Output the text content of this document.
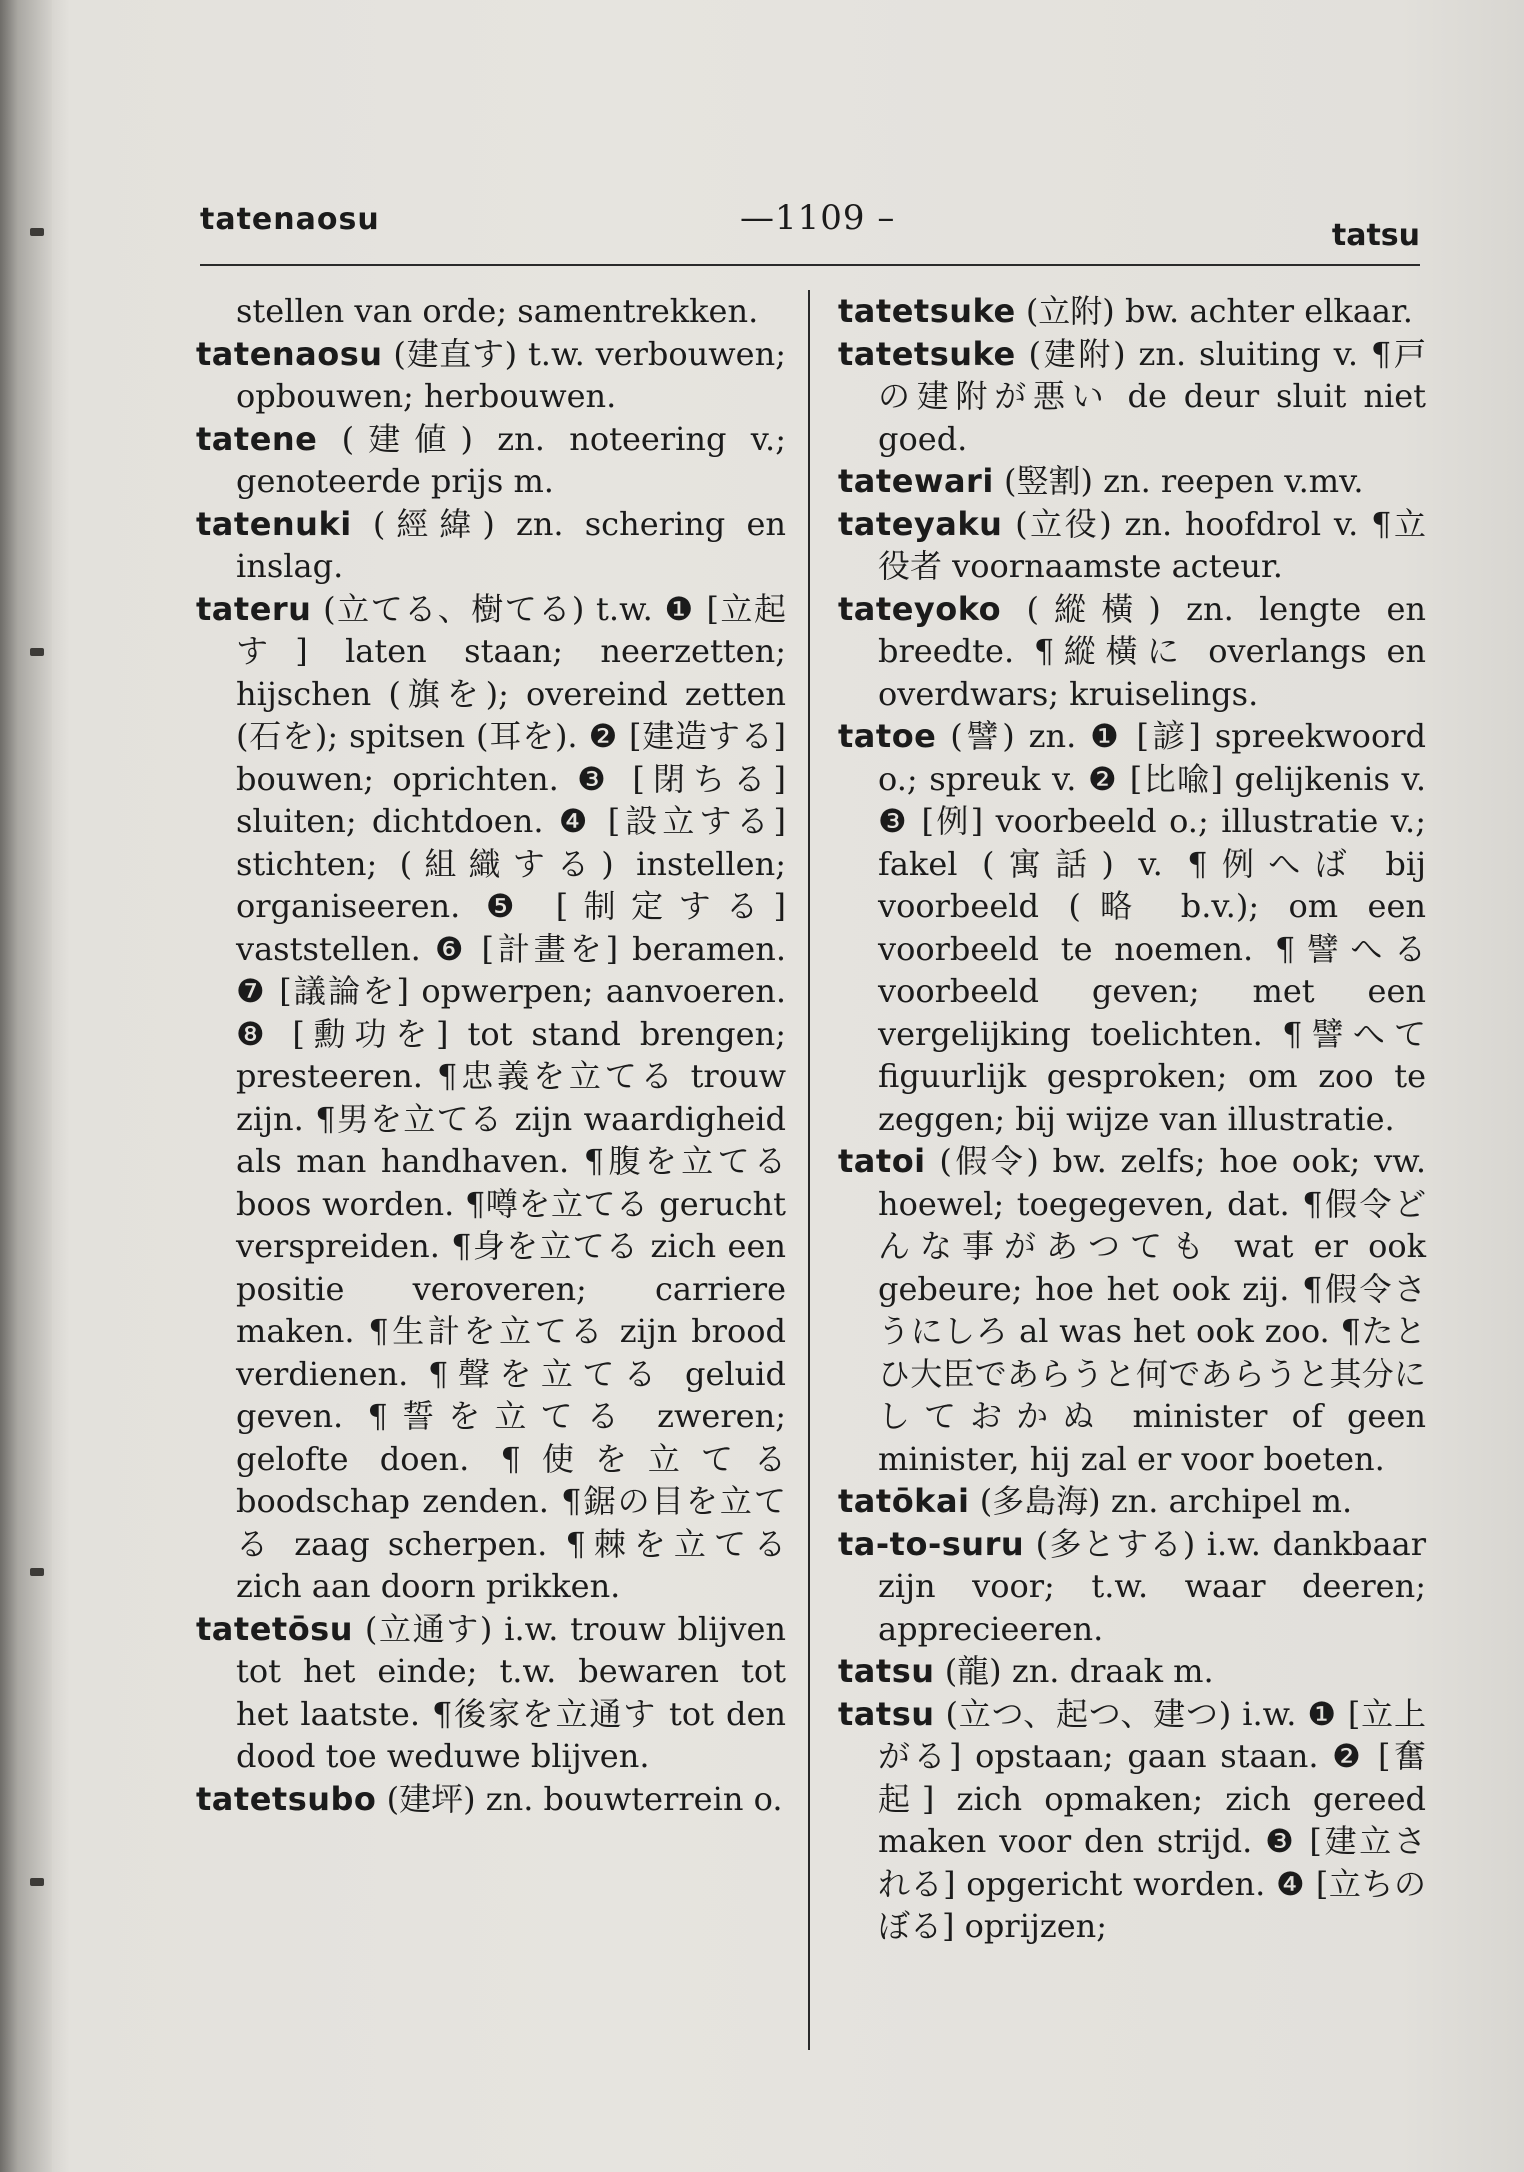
tatenaosu	—1109 –	tatsu

stellen van orde; samentrekken.

tatenaosu (建直す) t.w. verbouwen; opbouwen; herbouwen.

tatene (建値) zn. noteering v.; genoteerde prijs m.

tatenuki (經緯) zn. schering en inslag.

tateru (立てる、樹てる) t.w. ❶ [立起す] laten staan; neerzetten; hijschen (旗を); overeind zetten (石を); spitsen (耳を). ❷ [建造する] bouwen; oprichten. ❸ [閉ちる] sluiten; dichtdoen. ❹ [設立する] stichten; (組織する) instellen; organiseeren. ❺ [制定する] vaststellen. ❻ [計畫を] beramen. ❼ [議論を] opwerpen; aanvoeren. ❽ [勳功を] tot stand brengen; presteeren. ¶忠義を立てる trouw zijn. ¶男を立てる zijn waardigheid als man handhaven. ¶腹を立てる boos worden. ¶噂を立てる gerucht verspreiden. ¶身を立てる zich een positie veroveren; carriere maken. ¶生計を立てる zijn brood verdienen. ¶聲を立てる geluid geven. ¶誓を立てる zweren; gelofte doen. ¶使を立てる boodschap zenden. ¶鋸の目を立てる zaag scherpen. ¶棘を立てる zich aan doorn prikken.

tatetōsu (立通す) i.w. trouw blijven tot het einde; t.w. bewaren tot het laatste. ¶後家を立通す tot den dood toe weduwe blijven.

tatetsubo (建坪) zn. bouwterrein o.

tatetsuke (立附) bw. achter elkaar.

tatetsuke (建附) zn. sluiting v. ¶戸の建附が悪い de deur sluit niet goed.

tatewari (竪割) zn. reepen v.mv.

tateyaku (立役) zn. hoofdrol v. ¶立役者 voornaamste acteur.

tateyoko (縱橫) zn. lengte en breedte. ¶縱橫に overlangs en overdwars; kruiselings.

tatoe (譬) zn. ❶ [諺] spreekwoord o.; spreuk v. ❷ [比喩] gelijkenis v. ❸ [例] voorbeeld o.; illustratie v.; fakel (寓話) v. ¶例へば bij voorbeeld (略 b.v.); om een voorbeeld te noemen. ¶譬へる voorbeeld geven; met een vergelijking toelichten. ¶譬へて figuurlijk gesproken; om zoo te zeggen; bij wijze van illustratie.

tatoi (假令) bw. zelfs; hoe ook; vw. hoewel; toegegeven, dat. ¶假令どんな事があつても wat er ook gebeure; hoe het ook zij. ¶假令さうにしろ al was het ook zoo. ¶たとひ大臣であらうと何であらうと其分にしておかぬ minister of geen minister, hij zal er voor boeten.

tatōkai (多島海) zn. archipel m.

ta-to-suru (多とする) i.w. dankbaar zijn voor; t.w. waar deeren; apprecieeren.

tatsu (龍) zn. draak m.

tatsu (立つ、起つ、建つ) i.w. ❶ [立上がる] opstaan; gaan staan. ❷ [奮起] zich opmaken; zich gereed maken voor den strijd. ❸ [建立される] opgericht worden. ❹ [立ちのぼる] oprijzen;
